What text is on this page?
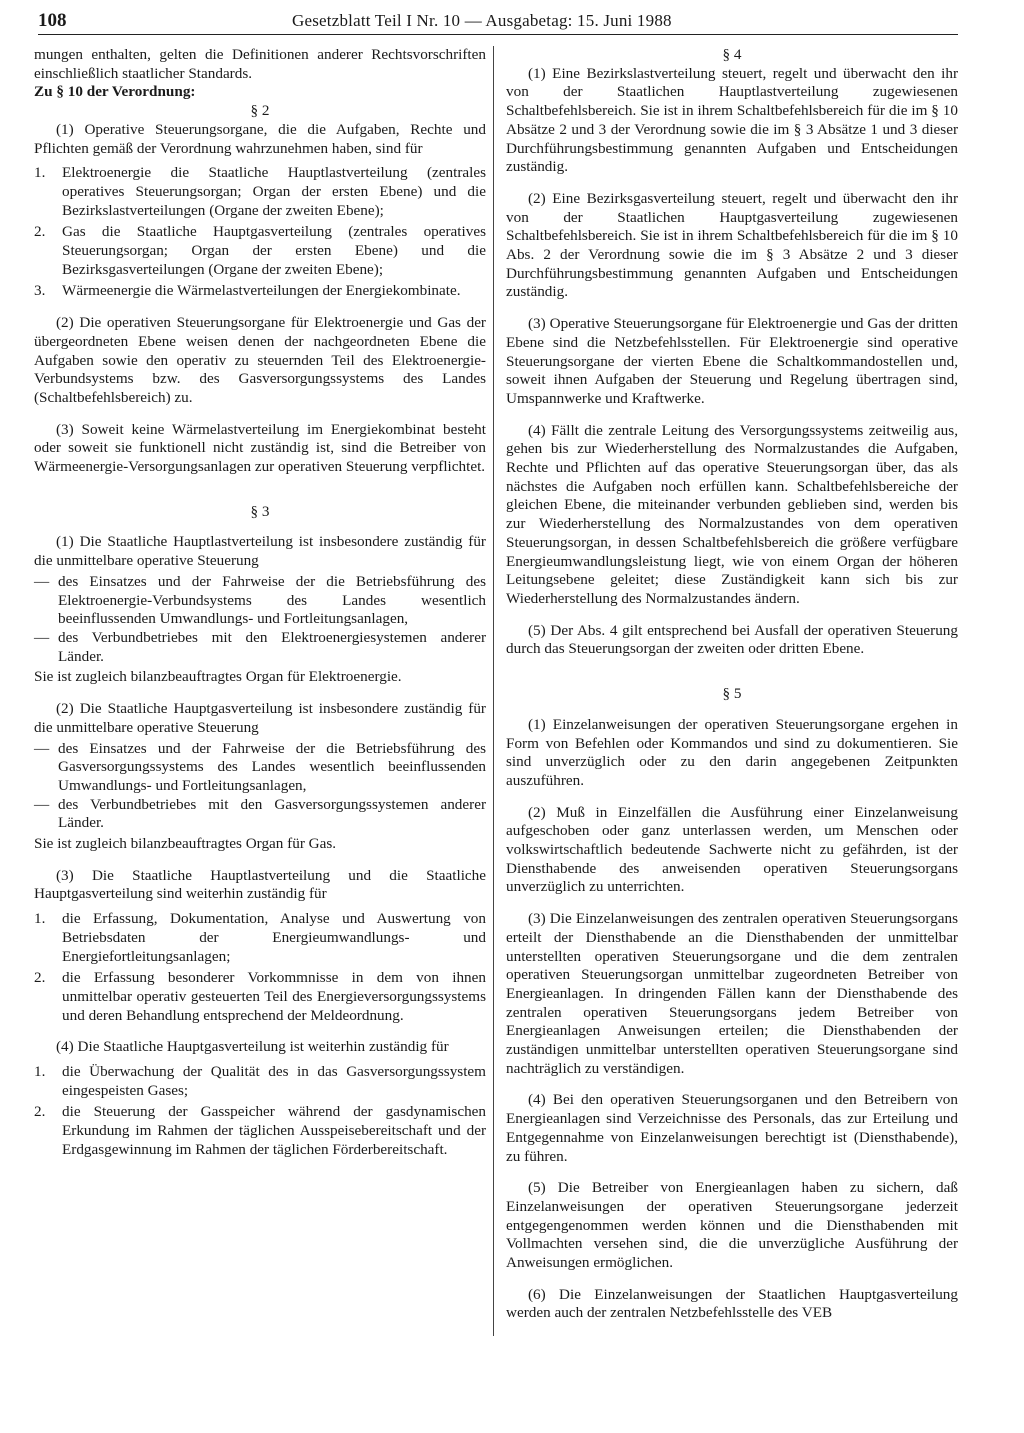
108	Gesetzblatt Teil I Nr. 10 — Ausgabetag: 15. Juni 1988

mungen enthalten, gelten die Definitionen anderer Rechtsvorschriften einschließlich staatlicher Standards.

Zu § 10 der Verordnung:

§ 2

(1) Operative Steuerungsorgane, die die Aufgaben, Rechte und Pflichten gemäß der Verordnung wahrzunehmen haben, sind für

1.	Elektroenergie die Staatliche Hauptlastverteilung (zentrales operatives Steuerungsorgan; Organ der ersten Ebene) und die Bezirkslastverteilungen (Organe der zweiten Ebene);
2.	Gas die Staatliche Hauptgasverteilung (zentrales operatives Steuerungsorgan; Organ der ersten Ebene) und die Bezirksgasverteilungen (Organe der zweiten Ebene);
3.	Wärmeenergie die Wärmelastverteilungen der Energiekombinate.

(2) Die operativen Steuerungsorgane für Elektroenergie und Gas der übergeordneten Ebene weisen denen der nachgeordneten Ebene die Aufgaben sowie den operativ zu steuernden Teil des Elektroenergie-Verbundsystems bzw. des Gasversorgungssystems des Landes (Schaltbefehlsbereich) zu.

(3) Soweit keine Wärmelastverteilung im Energiekombinat besteht oder soweit sie funktionell nicht zuständig ist, sind die Betreiber von Wärmeenergie-Versorgungsanlagen zur operativen Steuerung verpflichtet.

§ 3

(1) Die Staatliche Hauptlastverteilung ist insbesondere zuständig für die unmittelbare operative Steuerung

— des Einsatzes und der Fahrweise der die Betriebsführung des Elektroenergie-Verbundsystems des Landes wesentlich beeinflussenden Umwandlungs- und Fortleitungsanlagen,
— des Verbundbetriebes mit den Elektroenergiesystemen anderer Länder.

Sie ist zugleich bilanzbeauftragtes Organ für Elektroenergie.

(2) Die Staatliche Hauptgasverteilung ist insbesondere zuständig für die unmittelbare operative Steuerung

— des Einsatzes und der Fahrweise der die Betriebsführung des Gasversorgungssystems des Landes wesentlich beeinflussenden Umwandlungs- und Fortleitungsanlagen,
— des Verbundbetriebes mit den Gasversorgungssystemen anderer Länder.

Sie ist zugleich bilanzbeauftragtes Organ für Gas.

(3) Die Staatliche Hauptlastverteilung und die Staatliche Hauptgasverteilung sind weiterhin zuständig für

1.	die Erfassung, Dokumentation, Analyse und Auswertung von Betriebsdaten der Energieumwandlungs- und Energiefortleitungsanlagen;
2.	die Erfassung besonderer Vorkommnisse in dem von ihnen unmittelbar operativ gesteuerten Teil des Energieversorgungssystems und deren Behandlung entsprechend der Meldeordnung.

(4) Die Staatliche Hauptgasverteilung ist weiterhin zuständig für

1.	die Überwachung der Qualität des in das Gasversorgungssystem eingespeisten Gases;
2.	die Steuerung der Gasspeicher während der gasdynamischen Erkundung im Rahmen der täglichen Ausspeisebereitschaft und der Erdgasgewinnung im Rahmen der täglichen Förderbereitschaft.

§ 4

(1) Eine Bezirkslastverteilung steuert, regelt und überwacht den ihr von der Staatlichen Hauptlastverteilung zugewiesenen Schaltbefehlsbereich. Sie ist in ihrem Schaltbefehlsbereich für die im § 10 Absätze 2 und 3 der Verordnung sowie die im § 3 Absätze 1 und 3 dieser Durchführungsbestimmung genannten Aufgaben und Entscheidungen zuständig.

(2) Eine Bezirksgasverteilung steuert, regelt und überwacht den ihr von der Staatlichen Hauptgasverteilung zugewiesenen Schaltbefehlsbereich. Sie ist in ihrem Schaltbefehlsbereich für die im § 10 Abs. 2 der Verordnung sowie die im § 3 Absätze 2 und 3 dieser Durchführungsbestimmung genannten Aufgaben und Entscheidungen zuständig.

(3) Operative Steuerungsorgane für Elektroenergie und Gas der dritten Ebene sind die Netzbefehlsstellen. Für Elektroenergie sind operative Steuerungsorgane der vierten Ebene die Schaltkommandostellen und, soweit ihnen Aufgaben der Steuerung und Regelung übertragen sind, Umspannwerke und Kraftwerke.

(4) Fällt die zentrale Leitung des Versorgungssystems zeitweilig aus, gehen bis zur Wiederherstellung des Normalzustandes die Aufgaben, Rechte und Pflichten auf das operative Steuerungsorgan über, das als nächstes die Aufgaben noch erfüllen kann. Schaltbefehlsbereiche der gleichen Ebene, die miteinander verbunden geblieben sind, werden bis zur Wiederherstellung des Normalzustandes von dem operativen Steuerungsorgan, in dessen Schaltbefehlsbereich die größere verfügbare Energieumwandlungsleistung liegt, wie von einem Organ der höheren Leitungsebene geleitet; diese Zuständigkeit kann sich bis zur Wiederherstellung des Normalzustandes ändern.

(5) Der Abs. 4 gilt entsprechend bei Ausfall der operativen Steuerung durch das Steuerungsorgan der zweiten oder dritten Ebene.

§ 5

(1) Einzelanweisungen der operativen Steuerungsorgane ergehen in Form von Befehlen oder Kommandos und sind zu dokumentieren. Sie sind unverzüglich oder zu den darin angegebenen Zeitpunkten auszuführen.

(2) Muß in Einzelfällen die Ausführung einer Einzelanweisung aufgeschoben oder ganz unterlassen werden, um Menschen oder volkswirtschaftlich bedeutende Sachwerte nicht zu gefährden, ist der Diensthabende des anweisenden operativen Steuerungsorgans unverzüglich zu unterrichten.

(3) Die Einzelanweisungen des zentralen operativen Steuerungsorgans erteilt der Diensthabende an die Diensthabenden der unmittelbar unterstellten operativen Steuerungsorgane und die dem zentralen operativen Steuerungsorgan unmittelbar zugeordneten Betreiber von Energieanlagen. In dringenden Fällen kann der Diensthabende des zentralen operativen Steuerungsorgans jedem Betreiber von Energieanlagen Anweisungen erteilen; die Diensthabenden der zuständigen unmittelbar unterstellten operativen Steuerungsorgane sind nachträglich zu verständigen.

(4) Bei den operativen Steuerungsorganen und den Betreibern von Energieanlagen sind Verzeichnisse des Personals, das zur Erteilung und Entgegennahme von Einzelanweisungen berechtigt ist (Diensthabende), zu führen.

(5) Die Betreiber von Energieanlagen haben zu sichern, daß Einzelanweisungen der operativen Steuerungsorgane jederzeit entgegengenommen werden können und die Diensthabenden mit Vollmachten versehen sind, die die unverzügliche Ausführung der Anweisungen ermöglichen.

(6) Die Einzelanweisungen der Staatlichen Hauptgasverteilung werden auch der zentralen Netzbefehlsstelle des VEB
